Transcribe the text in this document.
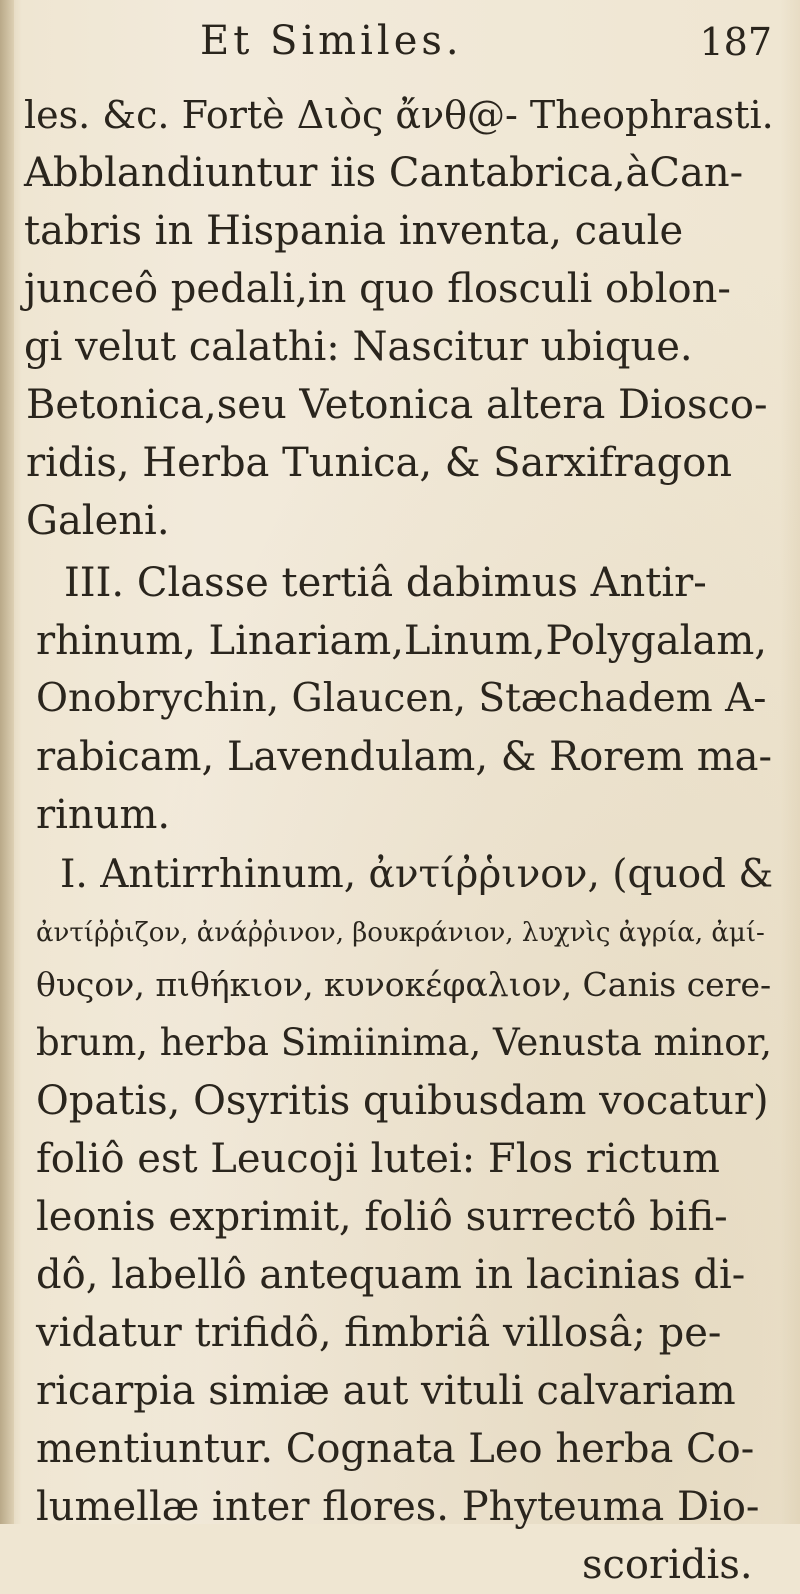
Et Similes.	187
les. &c. Fortè Διὸς ἄνθ@- Theophrasti.
Abblandiuntur iis Cantabrica,àCan-
tabris in Hispania inventa, caule
junceô pedali,in quo flosculi oblon-
gi velut calathi: Nascitur ubique.
Betonica,seu Vetonica altera Diosco-
ridis, Herba Tunica, & Sarxifragon
Galeni.
III. Classe tertiâ dabimus Antir-
rhinum, Linariam,Linum,Polygalam,
Onobrychin, Glaucen, Stæchadem A-
rabicam, Lavendulam, & Rorem ma-
rinum.
I. Antirrhinum, ἀντίῤῥινον, (quod &
ἀντίῤῥιζον, ἀνάῤῥινον, βουκράνιον, λυχνὶς ἀγρία, ἀμί-
θυςον, πιθήκιον, κυνοκέφαλιον, Canis cere-
brum, herba Simiinima, Venusta minor,
Opatis, Osyritis quibusdam vocatur)
foliô est Leucoji lutei: Flos rictum
leonis exprimit, foliô surrectô bifi-
dô, labellô antequam in lacinias di-
vidatur trifidô, fimbriâ villosâ; pe-
ricarpia simiæ aut vituli calvariam
mentiuntur. Cognata Leo herba Co-
lumellæ inter flores. Phyteuma Dio-
scoridis.
